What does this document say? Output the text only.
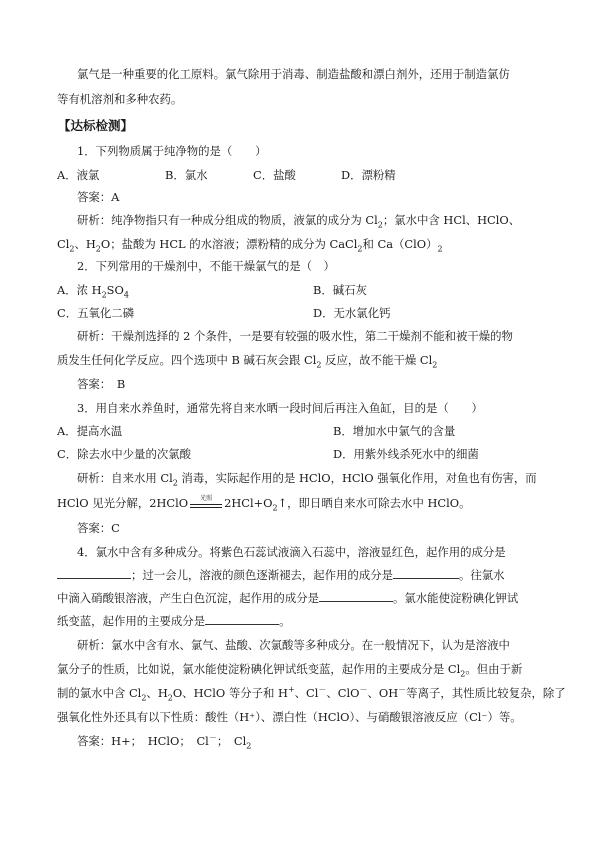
氯气是一种重要的化工原料。氯气除用于消毒、制造盐酸和漂白剂外，还用于制造氯仿
等有机溶剂和多种农药。
【达标检测】
1．下列物质属于纯净物的是（　　）
A．液氯	B．氯水	C．盐酸	D．漂粉精
答案：A
研析：纯净物指只有一种成分组成的物质，液氯的成分为 $Cl_2$；氯水中含 HCl、HClO、
$Cl_2$、$H_2O$；盐酸为 HCL 的水溶液；漂粉精的成分为 CaCl$_2$和 $Ca(ClO)_2$
2．下列常用的干燥剂中，不能干燥氯气的是（　）
A．浓 $H_2SO_4$	B．碱石灰
C．五氧化二磷	D．无水氯化钙
研析：干燥剂选择的 2 个条件，一是要有较强的吸水性，第二干燥剂不能和被干燥的物
质发生任何化学反应。四个选项中 B 碱石灰会跟 $Cl_2$ 反应，故不能干燥 $Cl_2$
答案：　B
3．用自来水养鱼时，通常先将自来水晒一段时间后再注入鱼缸，目的是（　　）
A．提高水温	B．增加水中氯气的含量
C．除去水中少量的次氯酸	D．用紫外线杀死水中的细菌
研析：自来水用 $Cl_2$ 消毒，实际起作用的是 HClO，HClO 强氧化作用，对鱼也有伤害，而
HClO 见光分解，2HClO	光照	$2HCl+O_2↑$，即日晒自来水可除去水中 HClO。
答案：C
4．氯水中含有多种成分。将紫色石蕊试液滴入石蕊中，溶液显红色，起作用的成分是
；过一会儿，溶液的颜色逐渐褪去，起作用的成分是	。往氯水
中滴入硝酸银溶液，产生白色沉淀，起作用的成分是	。氯水能使淀粉碘化钾试
纸变蓝，起作用的主要成分是	。
研析：氯水中含有水、氯气、盐酸、次氯酸等多种成分。在一般情况下，认为是溶液中
氯分子的性质，比如说，氯水能使淀粉碘化钾试纸变蓝，起作用的主要成分是 $Cl_2$。但由于新
制的氯水中含 $Cl_2$、$H_2O$、HClO 等分子和 H+、Cl－、ClO－、OH－等离子，其性质比较复杂，除了
强氧化性外还具有以下性质：酸性（H⁺）、漂白性（HClO）、与硝酸银溶液反应（Cl⁻）等。
答案：H+；　HClO；　Cl－；　$Cl_2$
